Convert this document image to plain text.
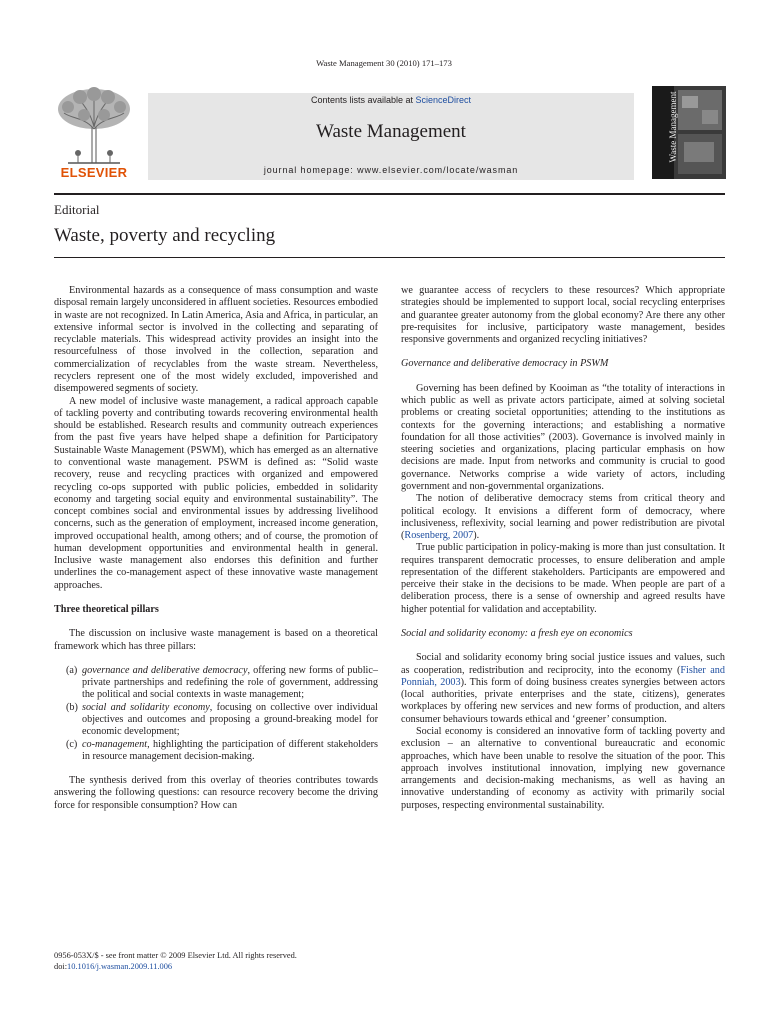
Waste Management 30 (2010) 171–173
ELSEVIER
Contents lists available at ScienceDirect
Waste Management
journal homepage: www.elsevier.com/locate/wasman
Waste Management
Editorial
Waste, poverty and recycling

Environmental hazards as a consequence of mass consumption and waste disposal remain largely unconsidered in affluent societies. Resources embodied in waste are not recognized. In Latin America, Asia and Africa, in particular, an extensive informal sector is involved in the collecting and separating of recyclable materials. This widespread activity provides an insight into the resourcefulness of those involved in the collection, separation and commercialization of recyclables from the waste stream. Nevertheless, recyclers represent one of the most widely excluded, impoverished and disempowered segments of society.

A new model of inclusive waste management, a radical approach capable of tackling poverty and contributing towards recovering environmental health should be established. Research results and community outreach experiences from the past five years have helped shape a definition for Participatory Sustainable Waste Management (PSWM), which has emerged as an alternative to conventional waste management. PSWM is defined as: “Solid waste recovery, reuse and recycling practices with organized and empowered recycling co-ops supported with public policies, embedded in solidarity economy and targeting social equity and environmental sustainability”. The concept combines social and environmental issues by addressing livelihood concerns, such as the generation of employment, increased income generation, improved occupational health, among others; and of course, the promotion of human development opportunities and environmental health in general. Inclusive waste management also endorses this definition and further underlines the co-management aspect of these innovative waste management approaches.

Three theoretical pillars

The discussion on inclusive waste management is based on a theoretical framework which has three pillars:

(a) governance and deliberative democracy, offering new forms of public–private partnerships and redefining the role of government, addressing the political and social contexts in waste management;
(b) social and solidarity economy, focusing on collective over individual objectives and outcomes and proposing a ground-breaking model for economic development;
(c) co-management, highlighting the participation of different stakeholders in resource management decision-making.

The synthesis derived from this overlay of theories contributes towards answering the following questions: can resource recovery become the driving force for responsible consumption? How can

we guarantee access of recyclers to these resources? Which appropriate strategies should be implemented to support local, social recycling enterprises and guarantee greater autonomy from the global economy? Are there any other pre-requisites for inclusive, participatory waste management, besides responsive governments and organized recycling initiatives?

Governance and deliberative democracy in PSWM

Governing has been defined by Kooiman as “the totality of interactions in which public as well as private actors participate, aimed at solving societal problems or creating societal opportunities; attending to the institutions as contexts for the governing interactions; and establishing a normative foundation for all those activities” (2003). Governance is involved mainly in steering societies and organizations, placing particular emphasis on how decisions are made. Input from networks and community is crucial to good governance. Networks comprise a wide variety of actors, including government and non-governmental organizations.

The notion of deliberative democracy stems from critical theory and political ecology. It envisions a different form of democracy, where inclusiveness, reflexivity, social learning and power redistribution are pivotal (Rosenberg, 2007).

True public participation in policy-making is more than just consultation. It requires transparent democratic processes, to ensure deliberation and ample representation of the different stakeholders. Participants are empowered and perceive their stake in the decisions to be made. When people are part of a deliberation process, there is a sense of ownership and agreed results have higher potential for validation and acceptability.

Social and solidarity economy: a fresh eye on economics

Social and solidarity economy bring social justice issues and values, such as cooperation, redistribution and reciprocity, into the economy (Fisher and Ponniah, 2003). This form of doing business creates synergies between actors (local authorities, private enterprises and the state, citizens), generates workplaces by offering new services and new forms of production, and alters consumer behaviours towards ethical and ‘greener’ consumption.

Social economy is considered an innovative form of tackling poverty and exclusion – an alternative to conventional bureaucratic and economic approaches, which have been unable to resolve the situation of the poor. This approach involves institutional innovation, implying new governance arrangements and decision-making mechanisms, as well as having an innovative understanding of economy as activity with primarily social purposes, respecting environmental sustainability.

0956-053X/$ - see front matter © 2009 Elsevier Ltd. All rights reserved.
doi:10.1016/j.wasman.2009.11.006
